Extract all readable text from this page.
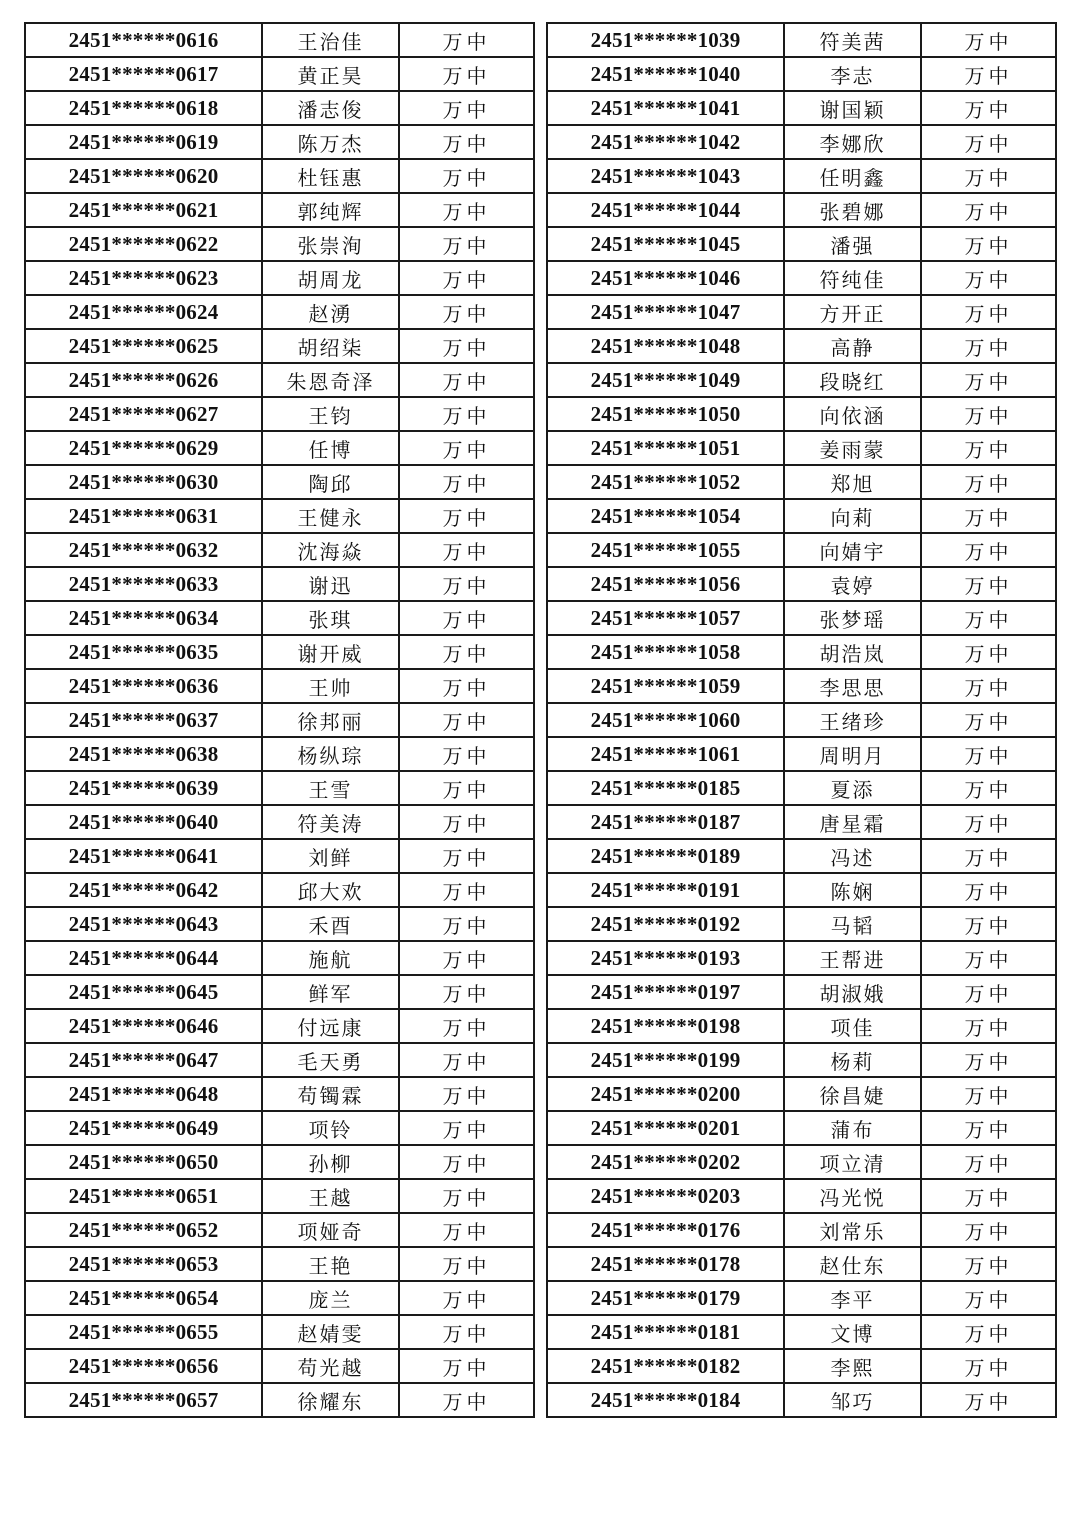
2451******0616	王治佳	万中
2451******0617	黄正昊	万中
2451******0618	潘志俊	万中
2451******0619	陈万杰	万中
2451******0620	杜钰惠	万中
2451******0621	郭纯辉	万中
2451******0622	张崇洵	万中
2451******0623	胡周龙	万中
2451******0624	赵湧	万中
2451******0625	胡绍柒	万中
2451******0626	朱恩奇泽	万中
2451******0627	王钧	万中
2451******0629	任博	万中
2451******0630	陶邱	万中
2451******0631	王健永	万中
2451******0632	沈海焱	万中
2451******0633	谢迅	万中
2451******0634	张琪	万中
2451******0635	谢开威	万中
2451******0636	王帅	万中
2451******0637	徐邦丽	万中
2451******0638	杨纵琮	万中
2451******0639	王雪	万中
2451******0640	符美涛	万中
2451******0641	刘鲜	万中
2451******0642	邱大欢	万中
2451******0643	禾酉	万中
2451******0644	施航	万中
2451******0645	鲜军	万中
2451******0646	付远康	万中
2451******0647	毛天勇	万中
2451******0648	苟镯霖	万中
2451******0649	项铃	万中
2451******0650	孙柳	万中
2451******0651	王越	万中
2451******0652	项娅奇	万中
2451******0653	王艳	万中
2451******0654	庞兰	万中
2451******0655	赵婧雯	万中
2451******0656	苟光越	万中
2451******0657	徐耀东	万中
2451******1039	符美茜	万中
2451******1040	李志	万中
2451******1041	谢国颖	万中
2451******1042	李娜欣	万中
2451******1043	任明鑫	万中
2451******1044	张碧娜	万中
2451******1045	潘强	万中
2451******1046	符纯佳	万中
2451******1047	方开正	万中
2451******1048	高静	万中
2451******1049	段晓红	万中
2451******1050	向依涵	万中
2451******1051	姜雨蒙	万中
2451******1052	郑旭	万中
2451******1054	向莉	万中
2451******1055	向婧宇	万中
2451******1056	袁婷	万中
2451******1057	张梦瑶	万中
2451******1058	胡浩岚	万中
2451******1059	李思思	万中
2451******1060	王绪珍	万中
2451******1061	周明月	万中
2451******0185	夏添	万中
2451******0187	唐星霜	万中
2451******0189	冯述	万中
2451******0191	陈娴	万中
2451******0192	马韬	万中
2451******0193	王帮进	万中
2451******0197	胡淑娥	万中
2451******0198	项佳	万中
2451******0199	杨莉	万中
2451******0200	徐昌婕	万中
2451******0201	蒲布	万中
2451******0202	项立清	万中
2451******0203	冯光悦	万中
2451******0176	刘常乐	万中
2451******0178	赵仕东	万中
2451******0179	李平	万中
2451******0181	文博	万中
2451******0182	李熙	万中
2451******0184	邹巧	万中
